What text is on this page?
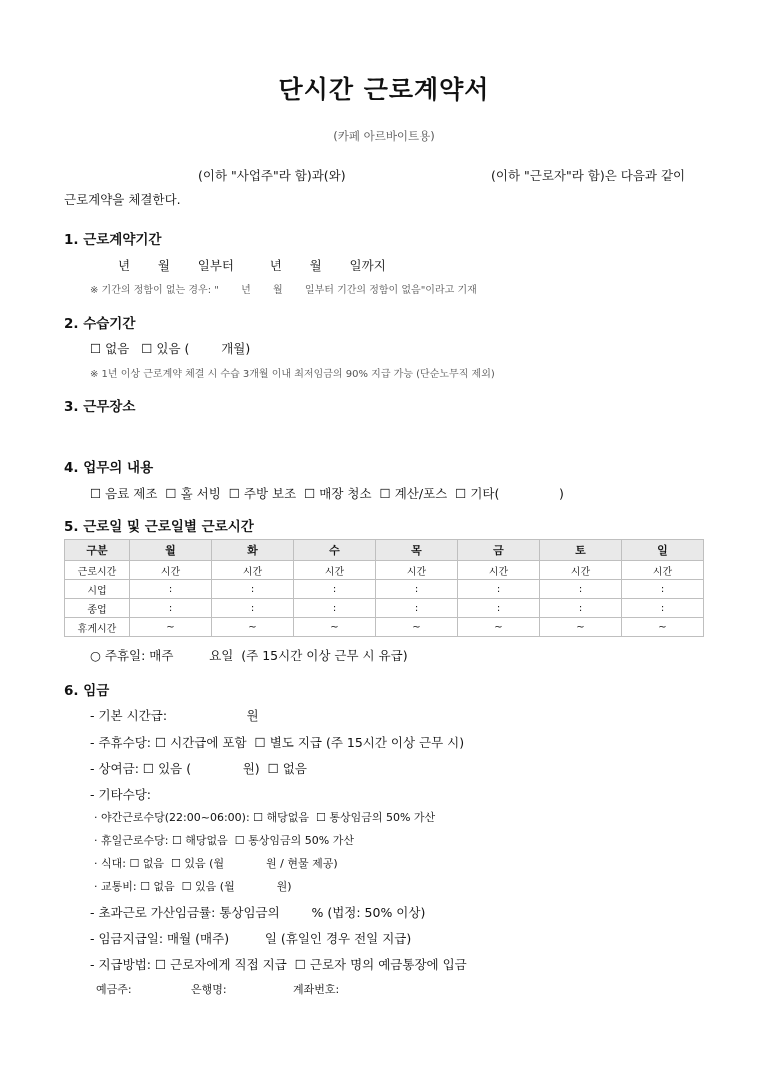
단시간 근로계약서
(카페 아르바이트용)
(이하 "사업주"라 함)과(와)	(이하 "근로자"라 함)은 다음과 같이
근로계약을 체결한다.
1. 근로계약기간
년       월       일부터         년       월       일까지
※ 기간의 정함이 없는 경우: "       년       월       일부터 기간의 정함이 없음"이라고 기재
2. 수습기간
☐ 없음   ☐ 있음 (        개월)
※ 1년 이상 근로계약 체결 시 수습 3개월 이내 최저임금의 90% 지급 가능 (단순노무직 제외)
3. 근무장소
4. 업무의 내용
☐ 음료 제조  ☐ 홀 서빙  ☐ 주방 보조  ☐ 매장 청소  ☐ 계산/포스  ☐ 기타(               )
5. 근로일 및 근로일별 근로시간
구분	월	화	수	목	금	토	일
근로시간	시간	시간	시간	시간	시간	시간	시간
시업	:	:	:	:	:	:	:
종업	:	:	:	:	:	:	:
휴게시간	~	~	~	~	~	~	~
○ 주휴일: 매주         요일  (주 15시간 이상 근무 시 유급)
6. 임금
- 기본 시간급:                    원
- 주휴수당: ☐ 시간급에 포함  ☐ 별도 지급 (주 15시간 이상 근무 시)
- 상여금: ☐ 있음 (             원)  ☐ 없음
- 기타수당:
· 야간근로수당(22:00~06:00): ☐ 해당없음  ☐ 통상임금의 50% 가산
· 휴일근로수당: ☐ 해당없음  ☐ 통상임금의 50% 가산
· 식대: ☐ 없음  ☐ 있음 (월            원 / 현물 제공)
· 교통비: ☐ 없음  ☐ 있음 (월            원)
- 초과근로 가산임금률: 통상임금의        % (법정: 50% 이상)
- 임금지급일: 매월 (매주)         일 (휴일인 경우 전일 지급)
- 지급방법: ☐ 근로자에게 직접 지급  ☐ 근로자 명의 예금통장에 입금
예금주:                 은행명:                   계좌번호:
